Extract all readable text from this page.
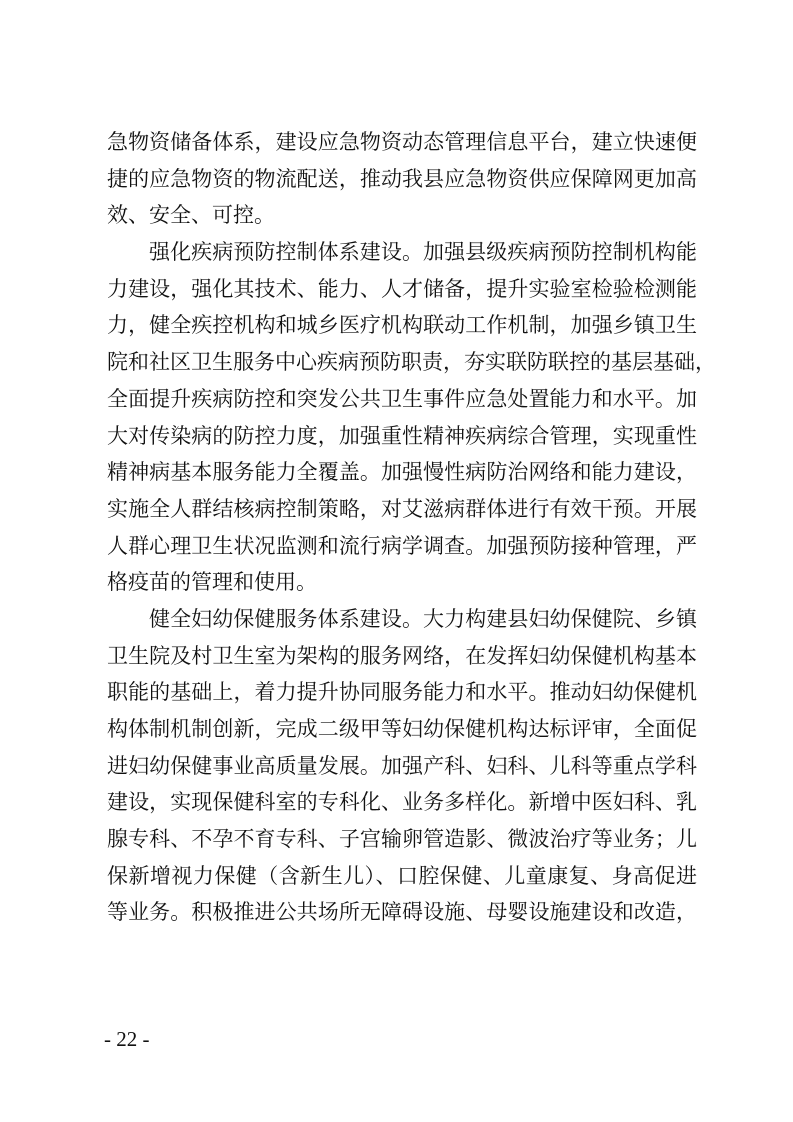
急物资储备体系，建设应急物资动态管理信息平台，建立快速便
捷的应急物资的物流配送，推动我县应急物资供应保障网更加高
效、安全、可控。
强化疾病预防控制体系建设。加强县级疾病预防控制机构能
力建设，强化其技术、能力、人才储备，提升实验室检验检测能
力，健全疾控机构和城乡医疗机构联动工作机制，加强乡镇卫生
院和社区卫生服务中心疾病预防职责，夯实联防联控的基层基础，
全面提升疾病防控和突发公共卫生事件应急处置能力和水平。加
大对传染病的防控力度，加强重性精神疾病综合管理，实现重性
精神病基本服务能力全覆盖。加强慢性病防治网络和能力建设，
实施全人群结核病控制策略，对艾滋病群体进行有效干预。开展
人群心理卫生状况监测和流行病学调查。加强预防接种管理，严
格疫苗的管理和使用。
健全妇幼保健服务体系建设。大力构建县妇幼保健院、乡镇
卫生院及村卫生室为架构的服务网络，在发挥妇幼保健机构基本
职能的基础上，着力提升协同服务能力和水平。推动妇幼保健机
构体制机制创新，完成二级甲等妇幼保健机构达标评审，全面促
进妇幼保健事业高质量发展。加强产科、妇科、儿科等重点学科
建设，实现保健科室的专科化、业务多样化。新增中医妇科、乳
腺专科、不孕不育专科、子宫输卵管造影、微波治疗等业务；儿
保新增视力保健（含新生儿）、口腔保健、儿童康复、身高促进
等业务。积极推进公共场所无障碍设施、母婴设施建设和改造，
- 22 -
